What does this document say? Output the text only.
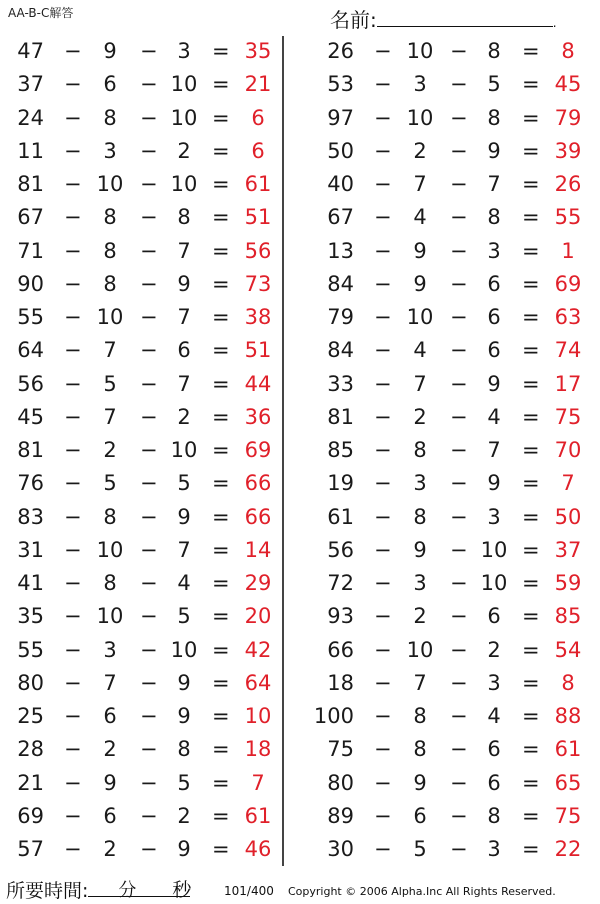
AA-B-C解答	名前:	.
47 −	9	− 3	= 35
37 −	6	− 10 = 21
24 −	8	− 10 =	6
11 −	3	− 2	=	6
81 − 10 − 10 = 61
67 −	8	− 8	= 51
71 −	8	− 7	= 56
90 −	8	− 9	= 73
55 − 10 − 7	= 38
64 −	7	− 6	= 51
56 −	5	− 7	= 44
45 −	7	− 2	= 36
81 −	2	− 10 = 69
76 −	5	− 5	= 66
83 −	8	− 9	= 66
31 − 10 − 7	= 14
41 −	8	− 4	= 29
35 − 10 − 5	= 20
55 −	3	− 10 = 42
80 −	7	− 9	= 64
25 −	6	− 9	= 10
28 −	2	− 8	= 18
21 −	9	− 5	=	7
69 −	6	− 2	= 61
57 −	2	− 9	= 46
26 − 10 − 8	=	8
53 −	3	− 5	= 45
97 − 10 − 8	= 79
50 −	2	− 9	= 39
40 −	7	− 7	= 26
67 −	4	− 8	= 55
13 −	9	− 3	=	1
84 −	9	− 6	= 69
79 − 10 − 6	= 63
84 −	4	− 6	= 74
33 −	7	− 9	= 17
81 −	2	− 4	= 75
85 −	8	− 7	= 70
19 −	3	− 9	=	7
61 −	8	− 3	= 50
56 −	9	− 10 = 37
72 −	3	− 10 = 59
93 −	2	− 6	= 85
66 − 10 − 2	= 54
18 −	7	− 3	=	8
100 −	8	− 4	= 88
75 −	8	− 6	= 61
80 −	9	− 6	= 65
89 −	6	− 8	= 75
30 −	5	− 3	= 22
所要時間: 分 秒	101/400 Copyright © 2006 Alpha.Inc All Rights Reserved.
